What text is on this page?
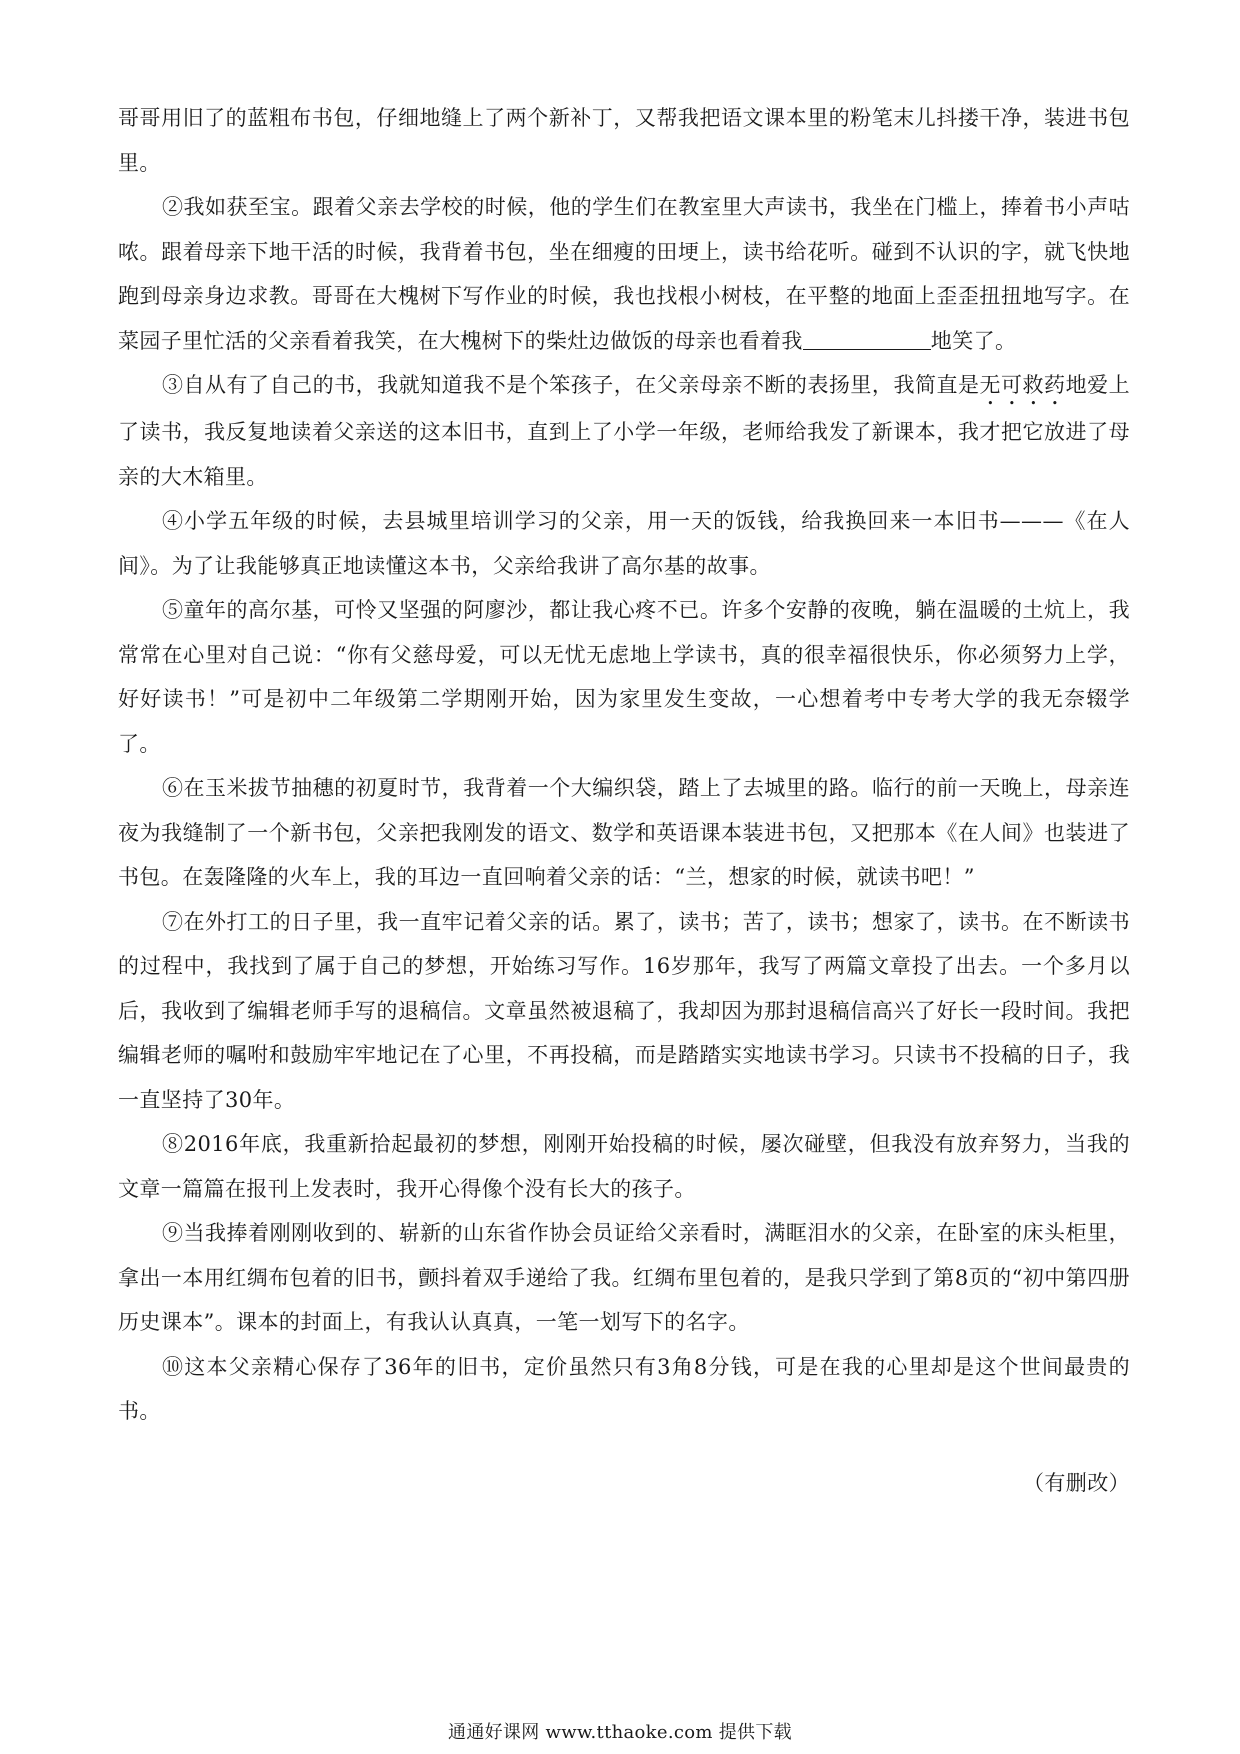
哥哥用旧了的蓝粗布书包，仔细地缝上了两个新补丁，又帮我把语文课本里的粉笔末儿抖搂干净，装进书包里。

②我如获至宝。跟着父亲去学校的时候，他的学生们在教室里大声读书，我坐在门槛上，捧着书小声咕哝。跟着母亲下地干活的时候，我背着书包，坐在细瘦的田埂上，读书给花听。碰到不认识的字，就飞快地跑到母亲身边求教。哥哥在大槐树下写作业的时候，我也找根小树枝，在平整的地面上歪歪扭扭地写字。在菜园子里忙活的父亲看着我笑，在大槐树下的柴灶边做饭的母亲也看着我	地笑了。

③自从有了自己的书，我就知道我不是个笨孩子，在父亲母亲不断的表扬里，我简直是无可救药地爱上了读书，我反复地读着父亲送的这本旧书，直到上了小学一年级，老师给我发了新课本，我才把它放进了母亲的大木箱里。

④小学五年级的时候，去县城里培训学习的父亲，用一天的饭钱，给我换回来一本旧书———《在人间》。为了让我能够真正地读懂这本书，父亲给我讲了高尔基的故事。

⑤童年的高尔基，可怜又坚强的阿廖沙，都让我心疼不已。许多个安静的夜晚，躺在温暖的土炕上，我常常在心里对自己说：“你有父慈母爱，可以无忧无虑地上学读书，真的很幸福很快乐，你必须努力上学，好好读书！”可是初中二年级第二学期刚开始，因为家里发生变故，一心想着考中专考大学的我无奈辍学了。

⑥在玉米拔节抽穗的初夏时节，我背着一个大编织袋，踏上了去城里的路。临行的前一天晚上，母亲连夜为我缝制了一个新书包，父亲把我刚发的语文、数学和英语课本装进书包，又把那本《在人间》也装进了书包。在轰隆隆的火车上，我的耳边一直回响着父亲的话：“兰，想家的时候，就读书吧！”

⑦在外打工的日子里，我一直牢记着父亲的话。累了，读书；苦了，读书；想家了，读书。在不断读书的过程中，我找到了属于自己的梦想，开始练习写作。16岁那年，我写了两篇文章投了出去。一个多月以后，我收到了编辑老师手写的退稿信。文章虽然被退稿了，我却因为那封退稿信高兴了好长一段时间。我把编辑老师的嘱咐和鼓励牢牢地记在了心里，不再投稿，而是踏踏实实地读书学习。只读书不投稿的日子，我一直坚持了30年。

⑧2016年底，我重新拾起最初的梦想，刚刚开始投稿的时候，屡次碰壁，但我没有放弃努力，当我的文章一篇篇在报刊上发表时，我开心得像个没有长大的孩子。

⑨当我捧着刚刚收到的、崭新的山东省作协会员证给父亲看时，满眶泪水的父亲，在卧室的床头柜里，拿出一本用红绸布包着的旧书，颤抖着双手递给了我。红绸布里包着的，是我只学到了第8页的“初中第四册历史课本”。课本的封面上，有我认认真真，一笔一划写下的名字。

⑩这本父亲精心保存了36年的旧书，定价虽然只有3角8分钱，可是在我的心里却是这个世间最贵的书。

（有删改）
通通好课网 www.tthaoke.com 提供下载
